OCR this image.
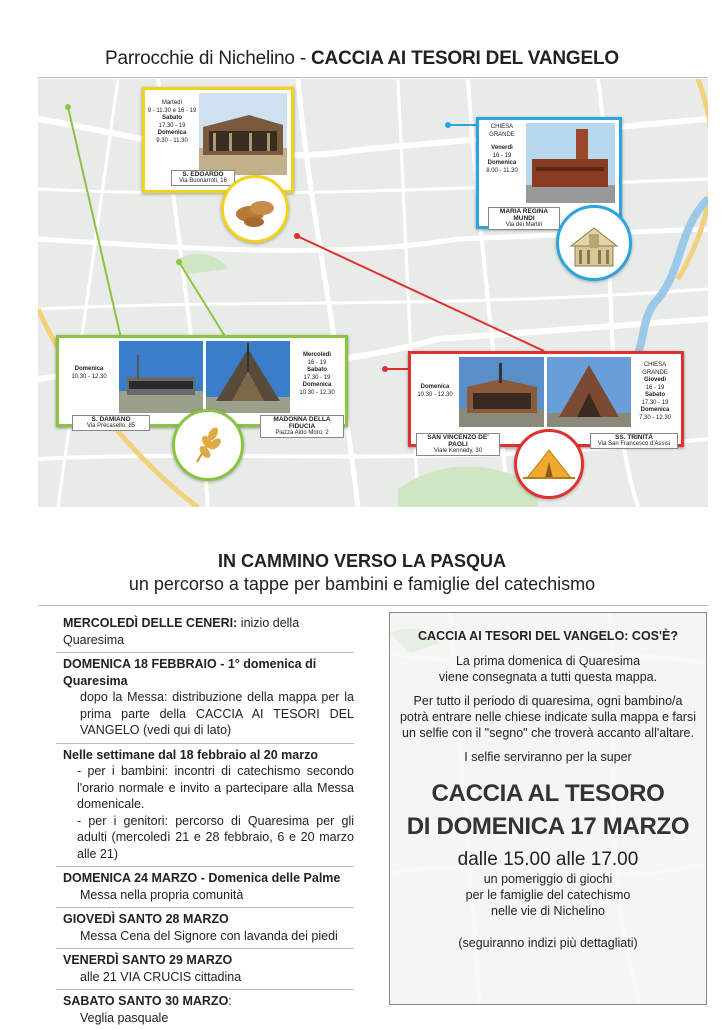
Parrocchie di Nichelino - CACCIA AI TESORI DEL VANGELO
Martedì
9 - 11.30 e 16 - 19
Sabato
17.30 - 19
Domenica
9.30 - 11.30
S. EDOARDO
Via Buonarroti, 16
CHIESA GRANDE
Venerdì
16 - 19
Domenica
8.00 - 11.30
MARIA REGINA MUNDI
Via dei Martiri
Domenica
10.30 - 12.30
Mercoledì
16 - 19
Sabato
17.30 - 19
Domenica
10.30 - 12.30
S. DAMIANO
Via Precasello, 85
MADONNA DELLA FIDUCIA
Piazza Aldo Moro, 2
Domenica
10.30 - 12.30
CHIESA GRANDE
Giovedì
16 - 19
Sabato
17.30 - 19
Domenica
7.30 - 12.30
SAN VINCENZO DE' PAOLI
Viale Kennedy, 30
SS. TRINITÀ
Via San Francesco d'Assisi
IN CAMMINO VERSO LA PASQUA
un percorso a tappe per bambini e famiglie del catechismo
MERCOLEDÌ DELLE CENERI: inizio della Quaresima
DOMENICA 18 FEBBRAIO - 1° domenica di Quaresima
dopo la Messa: distribuzione della mappa per la prima parte della CACCIA AI TESORI DEL VANGELO (vedi qui di lato)
Nelle settimane dal 18 febbraio al 20 marzo
- per i bambini: incontri di catechismo secondo l'orario normale e invito a partecipare alla Messa domenicale.
- per i genitori: percorso di Quaresima per gli adulti (mercoledì 21 e 28 febbraio, 6 e 20 marzo alle 21)
DOMENICA 24 MARZO - Domenica delle Palme
Messa nella propria comunità
GIOVEDÌ SANTO 28 MARZO
Messa Cena del Signore con lavanda dei piedi
VENERDÌ SANTO 29 MARZO
alle 21 VIA CRUCIS cittadina
SABATO SANTO 30 MARZO:
Veglia pasquale
CACCIA AI TESORI DEL VANGELO: COS'È?

La prima domenica di Quaresima

viene consegnata a tutti questa mappa.

Per tutto il periodo di quaresima, ogni bambino/a

potrà entrare nelle chiese indicate sulla mappa e farsi

un selfie con il "segno" che troverà accanto all'altare.

I selfie serviranno per la super

CACCIA AL TESORO
DI DOMENICA 17 MARZO
dalle 15.00 alle 17.00

un pomeriggio di giochi

per le famiglie del catechismo

nelle vie di Nichelino

(seguiranno indizi più dettagliati)
